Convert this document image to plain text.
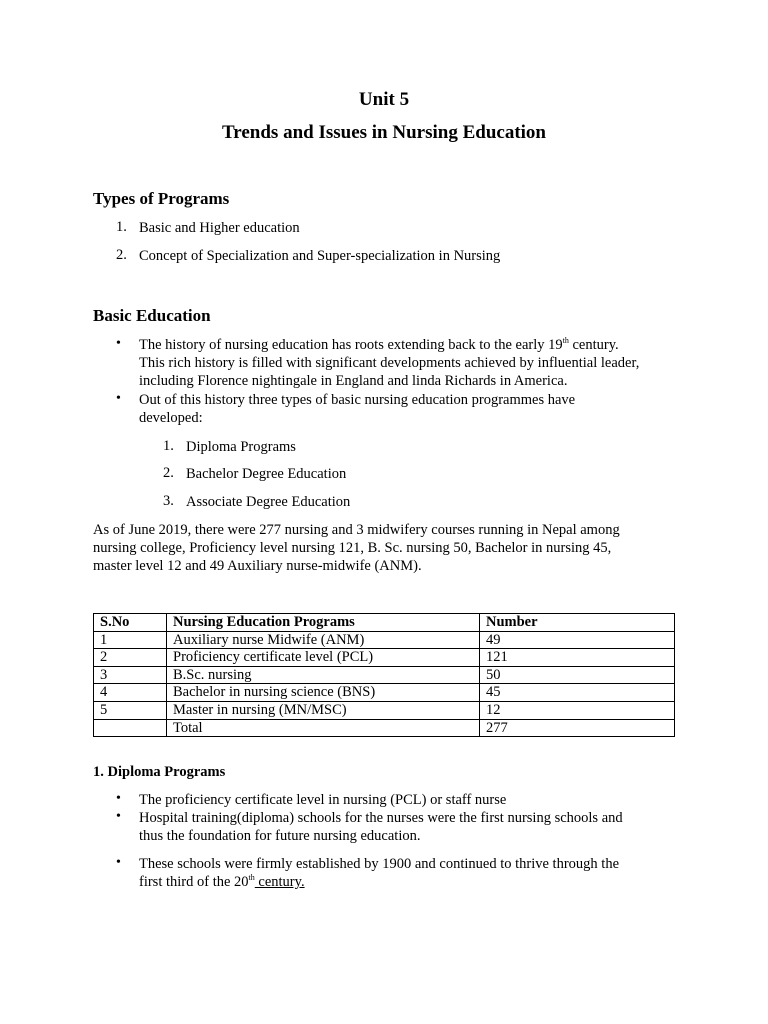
Unit 5
Trends and Issues in Nursing Education
Types of Programs
1. Basic and Higher education
2. Concept of Specialization and Super-specialization in Nursing
Basic Education
• The history of nursing education has roots extending back to the early 19th century.
This rich history is filled with significant developments achieved by influential leader,
including Florence nightingale in England and linda Richards in America.
• Out of this history three types of basic nursing education programmes have
developed:
1. Diploma Programs
2. Bachelor Degree Education
3. Associate Degree Education
As of June 2019, there were 277 nursing and 3 midwifery courses running in Nepal among
nursing college, Proficiency level nursing 121, B. Sc. nursing 50, Bachelor in nursing 45,
master level 12 and 49 Auxiliary nurse-midwife (ANM).
S.No	Nursing Education Programs	Number
1	Auxiliary nurse Midwife (ANM)	49
2	Proficiency certificate level (PCL)	121
3	B.Sc. nursing	50
4	Bachelor in nursing science (BNS)	45
5	Master in nursing (MN/MSC)	12
	Total	277
1. Diploma Programs
• The proficiency certificate level in nursing (PCL) or staff nurse
• Hospital training(diploma) schools for the nurses were the first nursing schools and
thus the foundation for future nursing education.
• These schools were firmly established by 1900 and continued to thrive through the
first third of the 20th century.
